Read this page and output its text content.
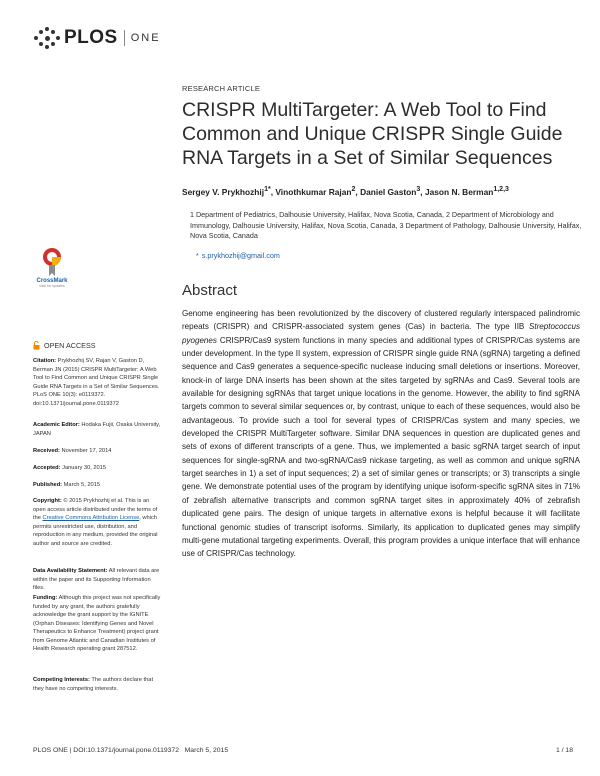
PLOS ONE
RESEARCH ARTICLE
CRISPR MultiTargeter: A Web Tool to Find Common and Unique CRISPR Single Guide RNA Targets in a Set of Similar Sequences
Sergey V. Prykhozhij$^{1*}$, Vinothkumar Rajan$^2$, Daniel Gaston$^3$, Jason N. Berman$^{1,2,3}$
1 Department of Pediatrics, Dalhousie University, Halifax, Nova Scotia, Canada, 2 Department of Microbiology and Immunology, Dalhousie University, Halifax, Nova Scotia, Canada, 3 Department of Pathology, Dalhousie University, Halifax, Nova Scotia, Canada
* s.prykhozhij@gmail.com
CrossMark
click for updates
OPEN ACCESS
Citation: Prykhozhij SV, Rajan V, Gaston D, Berman JN (2015) CRISPR MultiTargeter: A Web Tool to Find Common and Unique CRISPR Single Guide RNA Targets in a Set of Similar Sequences. PLoS ONE 10(3): e0119372. doi:10.1371/journal.pone.0119372
Academic Editor: Hodaka Fujii, Osaka University, JAPAN
Received: November 17, 2014
Accepted: January 30, 2015
Published: March 5, 2015
Copyright: © 2015 Prykhozhij et al. This is an open access article distributed under the terms of the Creative Commons Attribution License, which permits unrestricted use, distribution, and reproduction in any medium, provided the original author and source are credited.
Data Availability Statement: All relevant data are within the paper and its Supporting Information files.
Funding: Although this project was not specifically funded by any grant, the authors gratefully acknowledge the grant support by the IGNITE (Orphan Diseases: Identifying Genes and Novel Therapeutics to Enhance Treatment) project grant from Genome Atlantic and Canadian Institutes of Health Research operating grant 287512.
Competing Interests: The authors declare that they have no competing interests.
Abstract

Genome engineering has been revolutionized by the discovery of clustered regularly interspaced palindromic repeats (CRISPR) and CRISPR-associated system genes (Cas) in bacteria. The type IIB Streptococcus pyogenes CRISPR/Cas9 system functions in many species and additional types of CRISPR/Cas systems are under development. In the type II system, expression of CRISPR single guide RNA (sgRNA) targeting a defined sequence and Cas9 generates a sequence-specific nuclease inducing small deletions or insertions. Moreover, knock-in of large DNA inserts has been shown at the sites targeted by sgRNAs and Cas9. Several tools are available for designing sgRNAs that target unique locations in the genome. However, the ability to find sgRNA targets common to several similar sequences or, by contrast, unique to each of these sequences, would also be advantageous. To provide such a tool for several types of CRISPR/Cas system and many species, we developed the CRISPR MultiTargeter software. Similar DNA sequences in question are duplicated genes and sets of exons of different transcripts of a gene. Thus, we implemented a basic sgRNA target search of input sequences for single-sgRNA and two-sgRNA/Cas9 nickase targeting, as well as common and unique sgRNA target searches in 1) a set of input sequences; 2) a set of similar genes or transcripts; or 3) transcripts a single gene. We demonstrate potential uses of the program by identifying unique isoform-specific sgRNA sites in 71% of zebrafish alternative transcripts and common sgRNA target sites in approximately 40% of zebrafish duplicated gene pairs. The design of unique targets in alternative exons is helpful because it will facilitate functional genomic studies of transcript isoforms. Similarly, its application to duplicated genes may simplify multi-gene mutational targeting experiments. Overall, this program provides a unique interface that will enhance use of CRISPR/Cas technology.

PLOS ONE | DOI:10.1371/journal.pone.0119372   March 5, 2015	1 / 18
